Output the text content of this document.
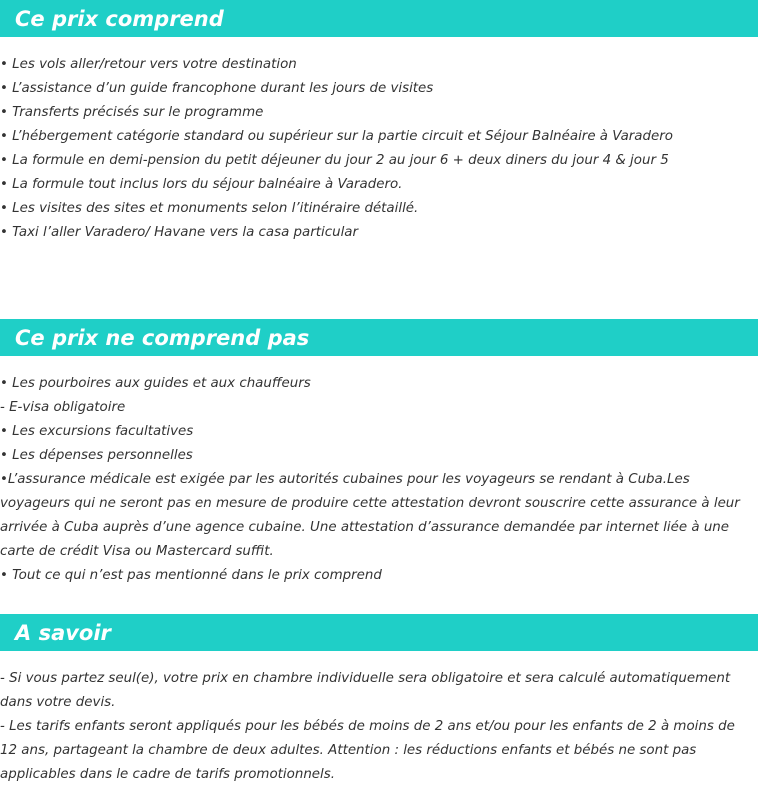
Ce prix comprend
• Les vols aller/retour vers votre destination
• L’assistance d’un guide francophone durant les jours de visites
• Transferts précisés sur le programme
• L’hébergement catégorie standard ou supérieur sur la partie circuit et Séjour Balnéaire à Varadero
• La formule en demi-pension du petit déjeuner du jour 2 au jour 6 + deux diners du jour 4 & jour 5
• La formule tout inclus lors du séjour balnéaire à Varadero.
• Les visites des sites et monuments selon l’itinéraire détaillé.
• Taxi l’aller Varadero/ Havane vers la casa particular
Ce prix ne comprend pas
• Les pourboires aux guides et aux chauffeurs
- E-visa obligatoire
• Les excursions facultatives
• Les dépenses personnelles
•L’assurance médicale est exigée par les autorités cubaines pour les voyageurs se rendant à Cuba.Les voyageurs qui ne seront pas en mesure de produire cette attestation devront souscrire cette assurance à leur arrivée à Cuba auprès d’une agence cubaine. Une attestation d’assurance demandée par internet liée à une carte de crédit Visa ou Mastercard suffit.
• Tout ce qui n’est pas mentionné dans le prix comprend
A savoir
- Si vous partez seul(e), votre prix en chambre individuelle sera obligatoire et sera calculé automatiquement dans votre devis.
- Les tarifs enfants seront appliqués pour les bébés de moins de 2 ans et/ou pour les enfants de 2 à moins de 12 ans, partageant la chambre de deux adultes. Attention : les réductions enfants et bébés ne sont pas applicables dans le cadre de tarifs promotionnels.
